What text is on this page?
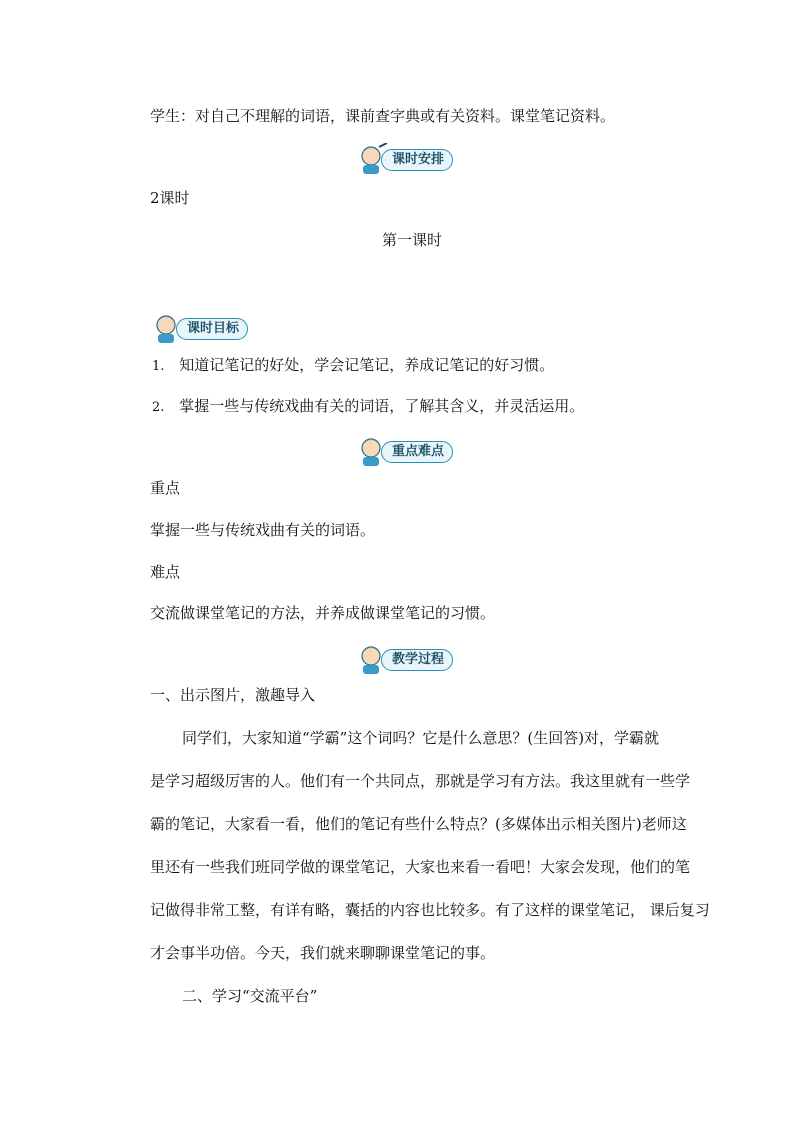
学生：对自己不理解的词语，课前查字典或有关资料。课堂笔记资料。
课时安排
2课时
第一课时
课时目标
1. 知道记笔记的好处，学会记笔记，养成记笔记的好习惯。
2. 掌握一些与传统戏曲有关的词语，了解其含义，并灵活运用。
重点难点
重点
掌握一些与传统戏曲有关的词语。
难点
交流做课堂笔记的方法，并养成做课堂笔记的习惯。
教学过程
一、出示图片，激趣导入
同学们，大家知道“学霸”这个词吗？它是什么意思？(生回答)对，学霸就
是学习超级厉害的人。他们有一个共同点，那就是学习有方法。我这里就有一些学
霸的笔记，大家看一看，他们的笔记有些什么特点？(多媒体出示相关图片)老师这
里还有一些我们班同学做的课堂笔记，大家也来看一看吧！大家会发现，他们的笔
记做得非常工整，有详有略，囊括的内容也比较多。有了这样的课堂笔记， 课后复习
才会事半功倍。今天，我们就来聊聊课堂笔记的事。
二、学习“交流平台”
